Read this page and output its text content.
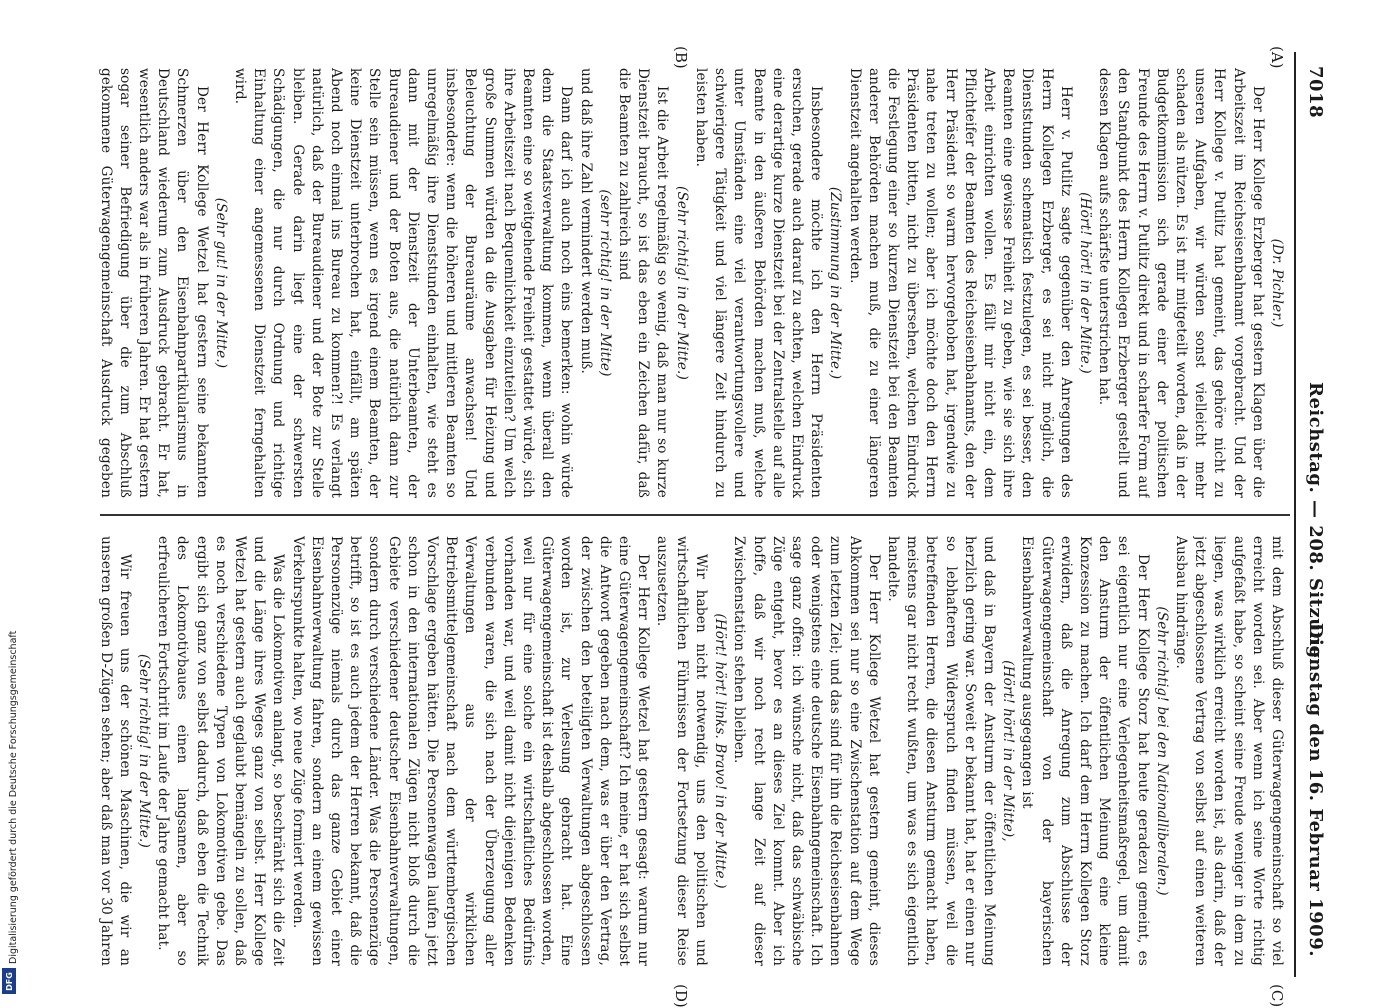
7018
Reichstag. — 208. Sitzung.
Dienstag den 16. Februar 1909.
(A)
(B)
(C)
(D)

(Dr. Pichler.)

Der Herr Kollege Erzberger hat gestern Klagen über die Arbeitszeit im Reichseisenbahnamt vorgebracht. Und der Herr Kollege v. Putlitz hat gemeint, das gehöre nicht zu unseren Aufgaben, wir würden sonst vielleicht mehr schaden als nützen. Es ist mir mitgeteilt worden, daß in der Budgetkommission sich gerade einer der politischen Freunde des Herrn v. Putlitz direkt und in scharfer Form auf den Standpunkt des Herrn Kollegen Erzberger gestellt und dessen Klagen aufs schärfste unterstrichen hat.

(Hört! hört! in der Mitte.)

Herr v. Putlitz sagte gegenüber den Anregungen des Herrn Kollegen Erzberger, es sei nicht möglich, die Dienststunden schematisch festzulegen, es sei besser, den Beamten eine gewisse Freiheit zu geben, wie sie sich ihre Arbeit einrichten wollen. Es fällt mir nicht ein, dem Pflichteifer der Beamten des Reichseisenbahnamts, den der Herr Präsident so warm hervorgehoben hat, irgendwie zu nahe treten zu wollen; aber ich möchte doch den Herrn Präsidenten bitten, nicht zu übersehen, welchen Eindruck die Festlegung einer so kurzen Dienstzeit bei den Beamten anderer Behörden machen muß, die zu einer längeren Dienstzeit angehalten werden.

(Zustimmung in der Mitte.)

Insbesondere möchte ich den Herrn Präsidenten ersuchen, gerade auch darauf zu achten, welchen Eindruck eine derartige kurze Dienstzeit bei der Zentralstelle auf alle Beamte in den äußeren Behörden machen muß, welche unter Umständen eine viel verantwortungsvollere und schwierigere Tätigkeit und viel längere Zeit hindurch zu leisten haben.

(Sehr richtig! in der Mitte.)

Ist die Arbeit regelmäßig so wenig, daß man nur so kurze Dienstzeit braucht, so ist das eben ein Zeichen dafür, daß die Beamten zu zahlreich sind

(sehr richtig! in der Mitte)

und daß ihre Zahl vermindert werden muß.

Dann darf ich auch noch eins bemerken: wohin würde denn die Staatsverwaltung kommen, wenn überall den Beamten eine so weitgehende Freiheit gestattet würde, sich ihre Arbeitszeit nach Bequemlichkeit einzuteilen? Um welch große Summen würden da die Ausgaben für Heizung und Beleuchtung der Bureauräume anwachsen! Und insbesondere: wenn die höheren und mittleren Beamten so unregelmäßig ihre Dienststunden einhalten, wie steht es dann mit der Dienstzeit der Unterbeamten, der Bureaudiener und der Boten aus, die natürlich dann zur Stelle sein müssen, wenn es irgend einem Beamten, der keine Dienstzeit unterbrochen hat, einfällt, am späten Abend noch einmal ins Bureau zu kommen?! Es verlangt natürlich, daß der Bureaudiener und der Bote zur Stelle bleiben. Gerade darin liegt eine der schwersten Schädigungen, die nur durch Ordnung und richtige Einhaltung einer angemessenen Dienstzeit ferngehalten wird.

(Sehr gut! in der Mitte.)

Der Herr Kollege Wetzel hat gestern seine bekannten Schmerzen über den Eisenbahnpartikularismus in Deutschland wiederum zum Ausdruck gebracht. Er hat, wesentlich anders war als in früheren Jahren. Er hat gestern sogar seiner Befriedigung über die zum Abschluß gekommene Güterwagengemeinschaft Ausdruck gegeben

mit dem Abschluß dieser Güterwagengemeinschaft so viel erreicht worden sei. Aber wenn ich seine Worte richtig aufgefaßt habe, so scheint seine Freude weniger in dem zu liegen, was wirklich erreicht worden ist, als darin, daß der jetzt abgeschlossene Vertrag von selbst auf einen weiteren Ausbau hindränge.

(Sehr richtig! bei den Nationalliberalen.)

Der Herr Kollege Storz hat heute geradezu gemeint, es sei eigentlich nur eine Verlegenheitsmaßregel, um damit den Ansturm der öffentlichen Meinung eine kleine Konzession zu machen. Ich darf dem Herrn Kollegen Storz erwidern, daß die Anregung zum Abschlusse der Güterwagengemeinschaft von der bayerischen Eisenbahnverwaltung ausgegangen ist

(Hört! hört! in der Mitte),

und daß in Bayern der Ansturm der öffentlichen Meinung herzlich gering war. Soweit er bekannt hat, hat er einen nur so lebhafteren Widerspruch finden müssen, weil die betreffenden Herren, die diesen Ansturm gemacht haben, meistens gar nicht recht wußten, um was es sich eigentlich handelte.

Der Herr Kollege Wetzel hat gestern gemeint, dieses Abkommen sei nur so eine Zwischenstation auf dem Wege zum letzten Ziel; und das sind für ihn die Reichseisenbahnen oder wenigstens eine deutsche Eisenbahngemeinschaft. Ich sage ganz offen: ich wünsche nicht, daß das schwäbische Züge entgeht, bevor es an dieses Ziel kommt. Aber ich hoffe, daß wir noch recht lange Zeit auf dieser Zwischenstation stehen bleiben.

(Hört! hört! links. Bravo! in der Mitte.)

Wir haben nicht notwendig, uns den politischen und wirtschaftlichen Führnissen der Fortsetzung dieser Reise auszusetzen.

Der Herr Kollege Wetzel hat gestern gesagt: warum nur eine Güterwagengemeinschaft? Ich meine, er hat sich selbst die Antwort gegeben nach dem, was er über den Vertrag, der zwischen den beteiligten Verwaltungen abgeschlossen worden ist, zur Verlesung gebracht hat. Eine Güterwagengemeinschaft ist deshalb abgeschlossen worden, weil nur für eine solche ein wirtschaftliches Bedürfnis vorhanden war, und weil damit nicht diejenigen Bedenken verbunden waren, die sich nach der Überzeugung aller Verwaltungen aus der wirklichen Betriebsmittelgemeinschaft nach dem württembergischen Vorschlage ergeben hätten. Die Personenwagen laufen jetzt schon in den internationalen Zügen nicht bloß durch die Gebiete verschiedener deutscher Eisenbahnverwaltungen, sondern durch verschiedene Länder. Was die Personenzüge betrifft, so ist es auch jedem der Herren bekannt, daß die Personenzüge niemals durch das ganze Gebiet einer Eisenbahnverwaltung fahren, sondern an einem gewissen Verkehrspunkte halten, wo neue Züge formiert werden.

Was die Lokomotiven anlangt, so beschränkt sich die Zeit und die Länge ihres Weges ganz von selbst. Herr Kollege Wetzel hat gestern auch geglaubt bemängeln zu sollen, daß es noch verschiedene Typen von Lokomotiven gebe. Das ergibt sich ganz von selbst dadurch, daß eben die Technik des Lokomotivbaues einen langsamen, aber so erfreulicheren Fortschritt im Laufe der Jahre gemacht hat.

(Sehr richtig! in der Mitte.)

Wir freuen uns der schönen Maschinen, die wir an unseren großen D-Zügen sehen; aber daß man vor 30 Jahren

Digitalisierung gefördert durch die Deutsche Forschungsgemeinschaft
DFG
